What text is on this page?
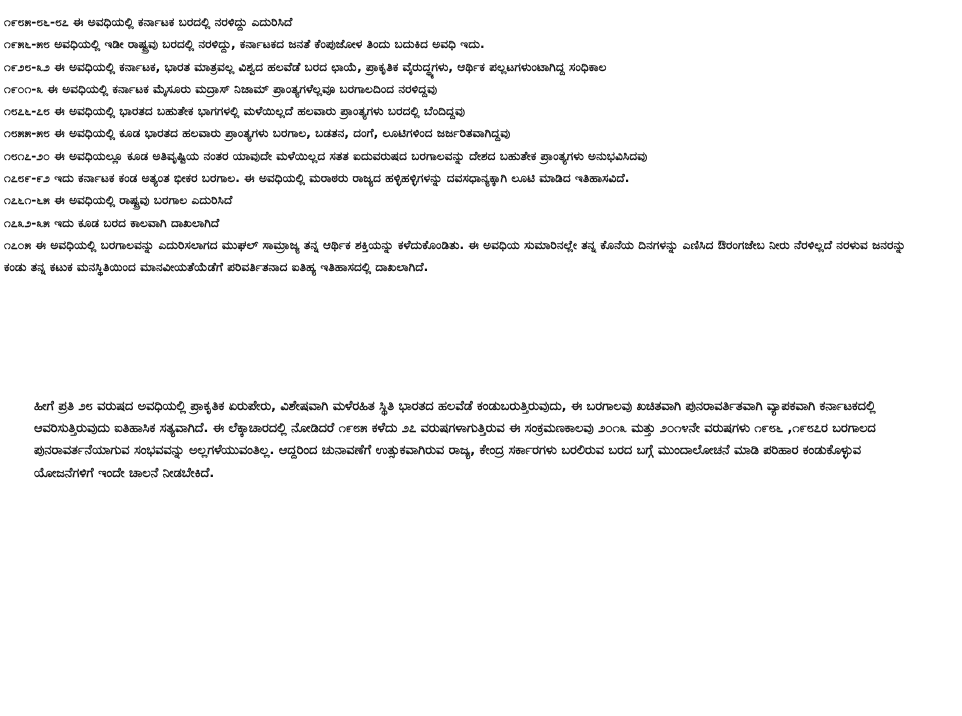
೧೯೮೫-೮೬-೮೭ ಈ ಅವಧಿಯಲ್ಲಿ ಕರ್ನಾಟಕ ಬರದಲ್ಲಿ ನರಳಿದ್ದು ಎದುರಿಸಿದೆ
೧೯೫೬-೫೮ ಅವಧಿಯಲ್ಲಿ ಇಡೀ ರಾಷ್ಟ್ರವು ಬರದಲ್ಲಿ ನರಳಿದ್ದು, ಕರ್ನಾಟಕದ ಜನತೆ ಕೆಂಪುಜೋಳ ತಿಂದು ಬದುಕಿದ ಅವಧಿ ಇದು.
೧೯೨೮-೩೨ ಈ ಅವಧಿಯಲ್ಲಿ ಕರ್ನಾಟಕ, ಭಾರತ ಮಾತ್ರವಲ್ಲ ವಿಶ್ವದ ಹಲವೆಡೆ ಬರದ ಛಾಯೆ, ಪ್ರಾಕೃತಿಕ ವೈರುದ್ಧ್ಯಗಳು, ಆರ್ಥಿಕ ಪಲ್ಲಟಗಳುಂಟಾಗಿದ್ದ ಸಂಧಿಕಾಲ
೧೯೦೧-೩ ಈ ಅವಧಿಯಲ್ಲಿ ಕರ್ನಾಟಕ ಮೈಸೂರು ಮದ್ರಾಸ್ ನಿಜಾಮ್ ಪ್ರಾಂತ್ಯಗಳೆಲ್ಲವೂ ಬರಗಾಲದಿಂದ ನರಳಿದ್ದವು
೧೮೭೬-೭೮ ಈ ಅವಧಿಯಲ್ಲಿ ಭಾರತದ ಬಹುತೇಕ ಭಾಗಗಳಲ್ಲಿ ಮಳೆಯಿಲ್ಲದೆ ಹಲವಾರು ಪ್ರಾಂತ್ಯಗಳು ಬರದಲ್ಲಿ ಬೆಂದಿದ್ದವು
೧೮೫೫-೫೮ ಈ ಅವಧಿಯಲ್ಲಿ ಕೂಡ ಭಾರತದ ಹಲವಾರು ಪ್ರಾಂತ್ಯಗಳು ಬರಗಾಲ, ಬಡತನ, ದಂಗೆ, ಲೂಟಿಗಳಿಂದ ಜರ್ಜರಿತವಾಗಿದ್ದವು
೧೮೧೭-೨೦ ಈ ಅವಧಿಯಲ್ಲೂ ಕೂಡ ಅತಿವೃಷ್ಟಿಯ ನಂತರ ಯಾವುದೇ ಮಳೆಯಿಲ್ಲದ ಸತತ ಐದುವರುಷದ ಬರಗಾಲವನ್ನು ದೇಶದ ಬಹುತೇಕ ಪ್ರಾಂತ್ಯಗಳು ಅನುಭವಿಸಿದವು
೧೭೮೯-೯೨ ಇದು ಕರ್ನಾಟಕ ಕಂಡ ಅತ್ಯಂತ ಭೀಕರ ಬರಗಾಲ. ಈ ಅವಧಿಯಲ್ಲಿ ಮರಾಠರು ರಾಜ್ಯದ ಹಳ್ಳಿಹಳ್ಳಿಗಳನ್ನು ದವಸಧಾನ್ಯಕ್ಕಾಗಿ ಲೂಟಿ ಮಾಡಿದ ಇತಿಹಾಸವಿದೆ.
೧೭೬೧-೬೫ ಈ ಅವಧಿಯಲ್ಲಿ ರಾಷ್ಟ್ರವು ಬರಗಾಲ ಎದುರಿಸಿದೆ
೧೭೩೨-೩೫ ಇದು ಕೂಡ ಬರದ ಕಾಲವಾಗಿ ದಾಖಲಾಗಿದೆ
೧೭೦೫ ಈ ಅವಧಿಯಲ್ಲಿ ಬರಗಾಲವನ್ನು ಎದುರಿಸಲಾಗದ ಮುಘಲ್ ಸಾಮ್ರಾಜ್ಯ ತನ್ನ ಆರ್ಥಿಕ ಶಕ್ತಿಯನ್ನು ಕಳೆದುಕೊಂಡಿತು. ಈ ಅವಧಿಯ ಸುಮಾರಿನಲ್ಲೇ ತನ್ನ ಕೊನೆಯ ದಿನಗಳನ್ನು ಎಣಿಸಿದ ಔರಂಗಜೇಬ ನೀರು ನೆರಳಿಲ್ಲದೆ ನರಳುವ ಜನರನ್ನು ಕಂಡು ತನ್ನ ಕಟುಕ ಮನಸ್ಥಿತಿಯಿಂದ ಮಾನವೀಯತೆಯೆಡೆಗೆ ಪರಿವರ್ತಿತನಾದ ಐತಿಹ್ಯ ಇತಿಹಾಸದಲ್ಲಿ ದಾಖಲಾಗಿದೆ.

ಹೀಗೆ ಪ್ರತಿ ೨೮ ವರುಷದ ಅವಧಿಯಲ್ಲಿ ಪ್ರಾಕೃತಿಕ ಏರುಪೇರು, ವಿಶೇಷವಾಗಿ ಮಳೆರಹಿತ ಸ್ಥಿತಿ ಭಾರತದ ಹಲವೆಡೆ ಕಂಡುಬರುತ್ತಿರುವುದು, ಈ ಬರಗಾಲವು ಖಚಿತವಾಗಿ ಪುನರಾವರ್ತಿತವಾಗಿ ವ್ಯಾಪಕವಾಗಿ ಕರ್ನಾಟಕದಲ್ಲಿ ಆವರಿಸುತ್ತಿರುವುದು ಐತಿಹಾಸಿಕ ಸತ್ಯವಾಗಿದೆ. ಈ ಲೆಕ್ಕಾಚಾರದಲ್ಲಿ ನೋಡಿದರೆ ೧೯೮೫ ಕಳೆದು ೨೭ ವರುಷಗಳಾಗುತ್ತಿರುವ ಈ ಸಂಕ್ರಮಣಕಾಲವು ೨೦೧೩ ಮತ್ತು ೨೦೧೪ನೇ ವರುಷಗಳು ೧೯೮೬ ,೧೯೮೭ರ ಬರಗಾಲದ ಪುನರಾವರ್ತನೆಯಾಗುವ ಸಂಭವವನ್ನು ಅಲ್ಲಗಳೆಯುವಂತಿಲ್ಲ. ಆದ್ದರಿಂದ ಚುನಾವಣೆಗೆ ಉತ್ಸುಕವಾಗಿರುವ ರಾಜ್ಯ, ಕೇಂದ್ರ ಸರ್ಕಾರಗಳು ಬರಲಿರುವ ಬರದ ಬಗ್ಗೆ ಮುಂದಾಲೋಚನೆ ಮಾಡಿ ಪರಿಹಾರ ಕಂಡುಕೊಳ್ಳುವ ಯೋಜನೆಗಳಿಗೆ ಇಂದೇ ಚಾಲನೆ ನೀಡಬೇಕಿದೆ.
